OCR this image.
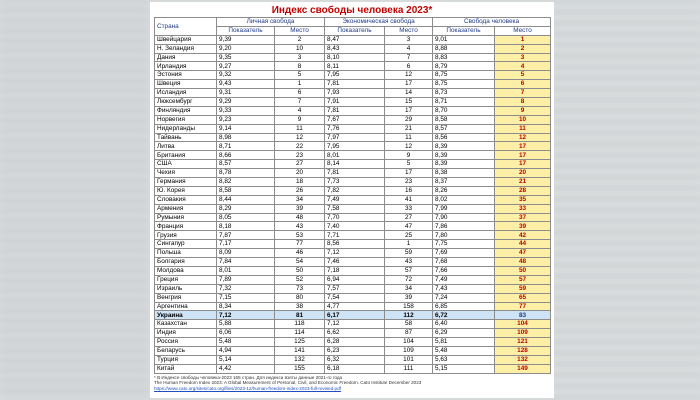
Индекс свободы человека 2023*
Страна	Личная свобода		Экономическая свобода		Свобода человека	
	Показатель	Место	Показатель	Место	Показатель	Место
Швейцария	9,39	2	8,47	3	9,01	1
Н. Зеландия	9,20	10	8,43	4	8,88	2
Дания	9,35	3	8,10	7	8,83	3
Ирландия	9,27	8	8,11	6	8,79	4
Эстония	9,32	5	7,95	12	8,75	5
Швеция	9,43	1	7,81	17	8,75	6
Исландия	9,31	6	7,93	14	8,73	7
Люксембург	9,29	7	7,91	15	8,71	8
Финляндия	9,33	4	7,81	17	8,70	9
Норвегия	9,23	9	7,67	29	8,58	10
Нидерланды	9,14	11	7,76	21	8,57	11
Тайвань	8,98	12	7,97	11	8,56	12
Литва	8,71	22	7,95	12	8,39	17
Британия	8,66	23	8,01	9	8,39	17
США	8,57	27	8,14	5	8,39	17
Чехия	8,78	20	7,81	17	8,38	20
Германия	8,82	18	7,73	23	8,37	21
Ю. Корея	8,58	26	7,82	16	8,26	28
Словакия	8,44	34	7,49	41	8,02	35
Армения	8,29	39	7,58	33	7,99	33
Румыния	8,05	48	7,70	27	7,90	37
Франция	8,18	43	7,40	47	7,86	39
Грузия	7,87	53	7,71	25	7,80	42
Сингапур	7,17	77	8,56	1	7,75	44
Польша	8,09	46	7,12	59	7,69	47
Болгария	7,84	54	7,46	43	7,68	48
Молдова	8,01	50	7,18	57	7,66	50
Греция	7,89	52	6,94	72	7,49	57
Израиль	7,32	73	7,57	34	7,43	59
Венгрия	7,15	80	7,54	39	7,24	65
Аргентина	8,34	38	4,77	158	6,85	77
Украина	7,12	81	6,17	112	6,72	83
Казахстан	5,88	118	7,12	58	6,40	104
Индия	6,06	114	6,62	87	6,29	109
Россия	5,48	125	6,28	104	5,81	121
Беларусь	4,94	141	6,23	109	5,48	128
Турция	5,14	132	6,32	101	5,63	132
Китай	4,42	155	6,18	111	5,15	149
* В Индексе свободы человека-2023 165 стран. Для индекса взяты данные 2021-го года
The Human Freedom Index 2023: A Global Measurement of Personal, Civil, and Economic Freedom. Cato Institute December 2023
https://www.cato.org/sites/cato.org/files/2023-12/human-freedom-index-2023-full-revised.pdf
